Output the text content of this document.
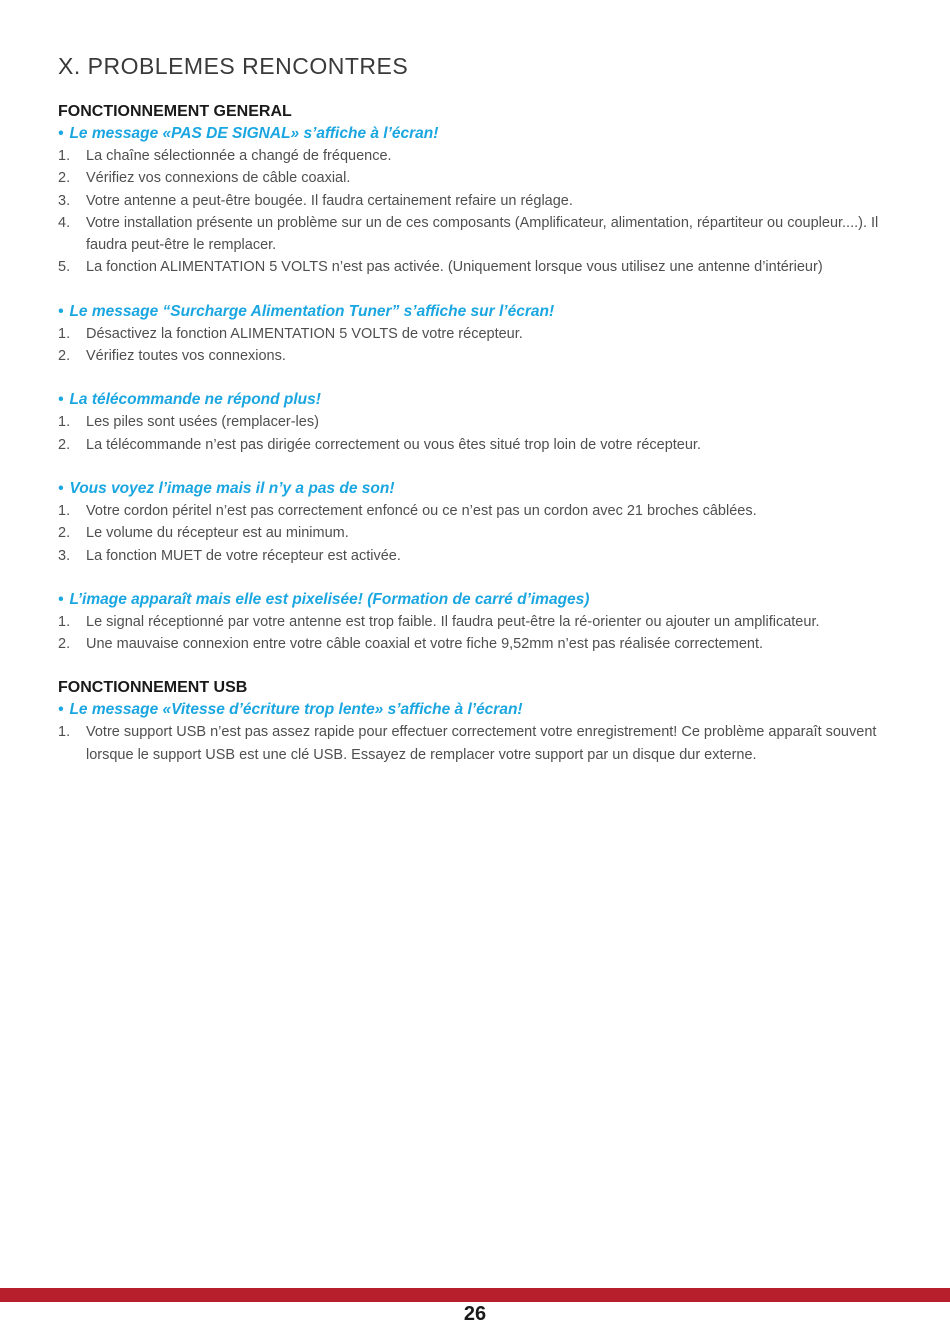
X. PROBLEMES RENCONTRES
FONCTIONNEMENT GENERAL

• Le message «PAS DE SIGNAL» s’affiche à l’écran!

1. La chaîne sélectionnée a changé de fréquence.
2. Vérifiez vos connexions de câble coaxial.
3. Votre antenne a peut-être bougée. Il faudra certainement refaire un réglage.
4. Votre installation présente un problème sur un de ces composants (Amplificateur, alimentation, répartiteur ou coupleur....). Il faudra peut-être le remplacer.
5. La fonction ALIMENTATION 5 VOLTS n’est pas activée. (Uniquement lorsque vous utilisez une antenne d’intérieur)

• Le message “Surcharge Alimentation Tuner” s’affiche sur l’écran!

1. Désactivez la fonction ALIMENTATION 5 VOLTS de votre récepteur.
2. Vérifiez toutes vos connexions.

• La télécommande ne répond plus!

1. Les piles sont usées (remplacer-les)
2. La télécommande n’est pas dirigée correctement ou vous êtes situé trop loin de votre récepteur.

• Vous voyez l’image mais il n’y a pas de son!

1. Votre cordon péritel n’est pas correctement enfoncé ou ce n’est pas un cordon avec 21 broches câblées.
2. Le volume du récepteur est au minimum.
3. La fonction MUET de votre récepteur est activée.

• L’image apparaît mais elle est pixelisée! (Formation de carré d’images)

1. Le signal réceptionné par votre antenne est trop faible. Il faudra peut-être la ré-orienter ou ajouter un amplificateur.
2. Une mauvaise connexion entre votre câble coaxial et votre fiche 9,52mm n’est pas réalisée correctement.
FONCTIONNEMENT USB

• Le message «Vitesse d’écriture trop lente» s’affiche à l’écran!

1. Votre support USB n’est pas assez rapide pour effectuer correctement votre enregistrement! Ce problème apparaît souvent lorsque le support USB est une clé USB. Essayez de remplacer votre support par un disque dur externe.
26
